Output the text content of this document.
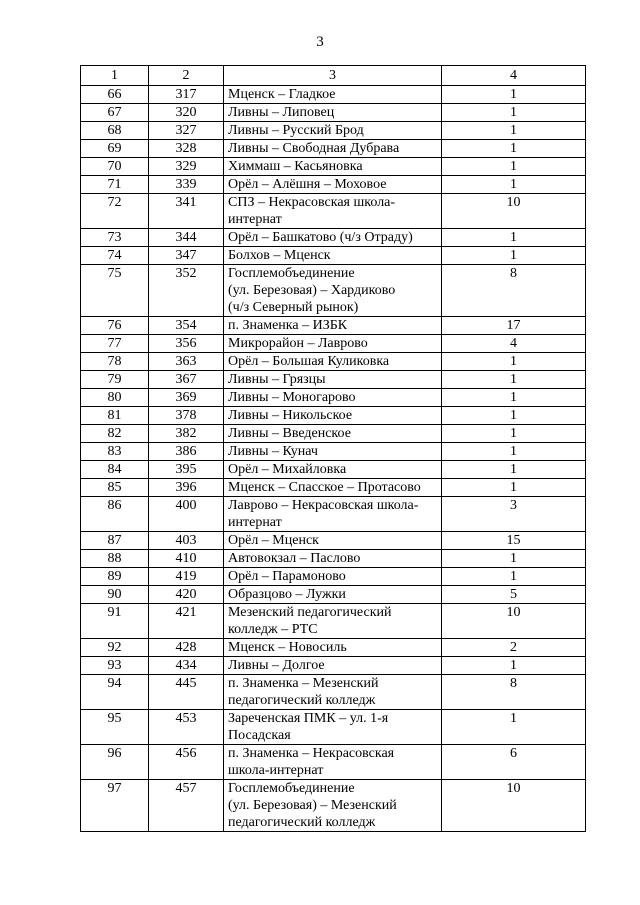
3
1	2	3	4
66	317	Мценск – Гладкое	1
67	320	Ливны – Липовец	1
68	327	Ливны – Русский Брод	1
69	328	Ливны – Свободная Дубрава	1
70	329	Химмаш – Касьяновка	1
71	339	Орёл – Алёшня – Моховое	1
72	341	СПЗ – Некрасовская школа-
интернат	10
73	344	Орёл – Башкатово (ч/з Отраду)	1
74	347	Болхов – Мценск	1
75	352	Госплемобъединение
(ул. Березовая) – Хардиково
(ч/з Северный рынок)	8
76	354	п. Знаменка – ИЗБК	17
77	356	Микрорайон – Лаврово	4
78	363	Орёл – Большая Куликовка	1
79	367	Ливны – Грязцы	1
80	369	Ливны – Моногарово	1
81	378	Ливны – Никольское	1
82	382	Ливны – Введенское	1
83	386	Ливны – Кунач	1
84	395	Орёл – Михайловка	1
85	396	Мценск – Спасское – Протасово	1
86	400	Лаврово – Некрасовская школа-
интернат	3
87	403	Орёл – Мценск	15
88	410	Автовокзал – Паслово	1
89	419	Орёл – Парамоново	1
90	420	Образцово – Лужки	5
91	421	Мезенский педагогический
колледж – РТС	10
92	428	Мценск – Новосиль	2
93	434	Ливны – Долгое	1
94	445	п. Знаменка – Мезенский
педагогический колледж	8
95	453	Зареченская ПМК – ул. 1-я
Посадская	1
96	456	п. Знаменка – Некрасовская
школа-интернат	6
97	457	Госплемобъединение
(ул. Березовая) – Мезенский
педагогический колледж	10
